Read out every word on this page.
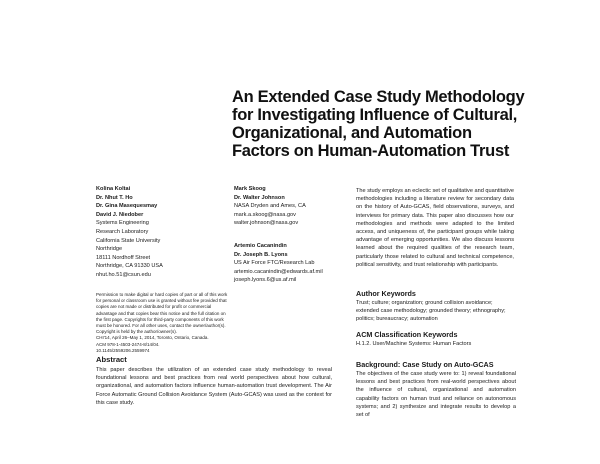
An Extended Case Study Methodology
for Investigating Influence of Cultural,
Organizational, and Automation
Factors on Human-Automation Trust
Kolina Koltai
Dr. Nhut T. Ho
Dr. Gina Masequesmay
David J. Niedober
Systems Engineering
Research Laboratory
California State University
Northridge
18111 Nordhoff Street
Northridge, CA 91330 USA
nhut.ho.51@csun.edu
Mark Skoog
Dr. Walter Johnson
NASA Dryden and Ames, CA
mark.a.skoog@nasa.gov
walter.johnson@nasa.gov
Artemio Cacanindin
Dr. Joseph B. Lyons
US Air Force FTC/Research Lab
artemio.cacanindin@edwards.af.mil
joseph.lyons.6@us.af.mil
Permission to make digital or hard copies of part or all of this work
for personal or classroom use is granted without fee provided that
copies are not made or distributed for profit or commercial
advantage and that copies bear this notice and the full citation on
the first page. Copyrights for third-party components of this work
must be honored. For all other uses, contact the owner/author(s).
Copyright is held by the author/owner(s).
CHI'14, April 26–May 1, 2014, Toronto, Ontario, Canada.
ACM 978-1-4503-2474-8/14/04.
10.1145/2559206.2559974
Abstract
This paper describes the utilization of an extended case study methodology to reveal foundational lessons and best practices from real world perspectives about how cultural, organizational, and automation factors influence human-automation trust development. The Air Force Automatic Ground Collision Avoidance System (Auto-GCAS) was used as the context for this case study.
The study employs an eclectic set of qualitative and quantitative methodologies including a literature review for secondary data on the history of Auto-GCAS, field observations, surveys, and interviews for primary data. This paper also discusses how our methodologies and methods were adapted to the limited access, and uniqueness of, the participant groups while taking advantage of emerging opportunities. We also discuss lessons learned about the required qualities of the research team, particularly those related to cultural and technical competence, political sensitivity, and trust relationship with participants.
Author Keywords
Trust; culture; organization; ground collision avoidance; extended case methodology; grounded theory; ethnography; politics; bureaucracy; automation
ACM Classification Keywords
H.1.2. User/Machine Systems: Human Factors
Background: Case Study on Auto-GCAS
The objectives of the case study were to: 1) reveal foundational lessons and best practices from real-world perspectives about the influence of cultural, organizational and automation capability factors on human trust and reliance on autonomous systems; and 2) synthesize and integrate results to develop a set of
